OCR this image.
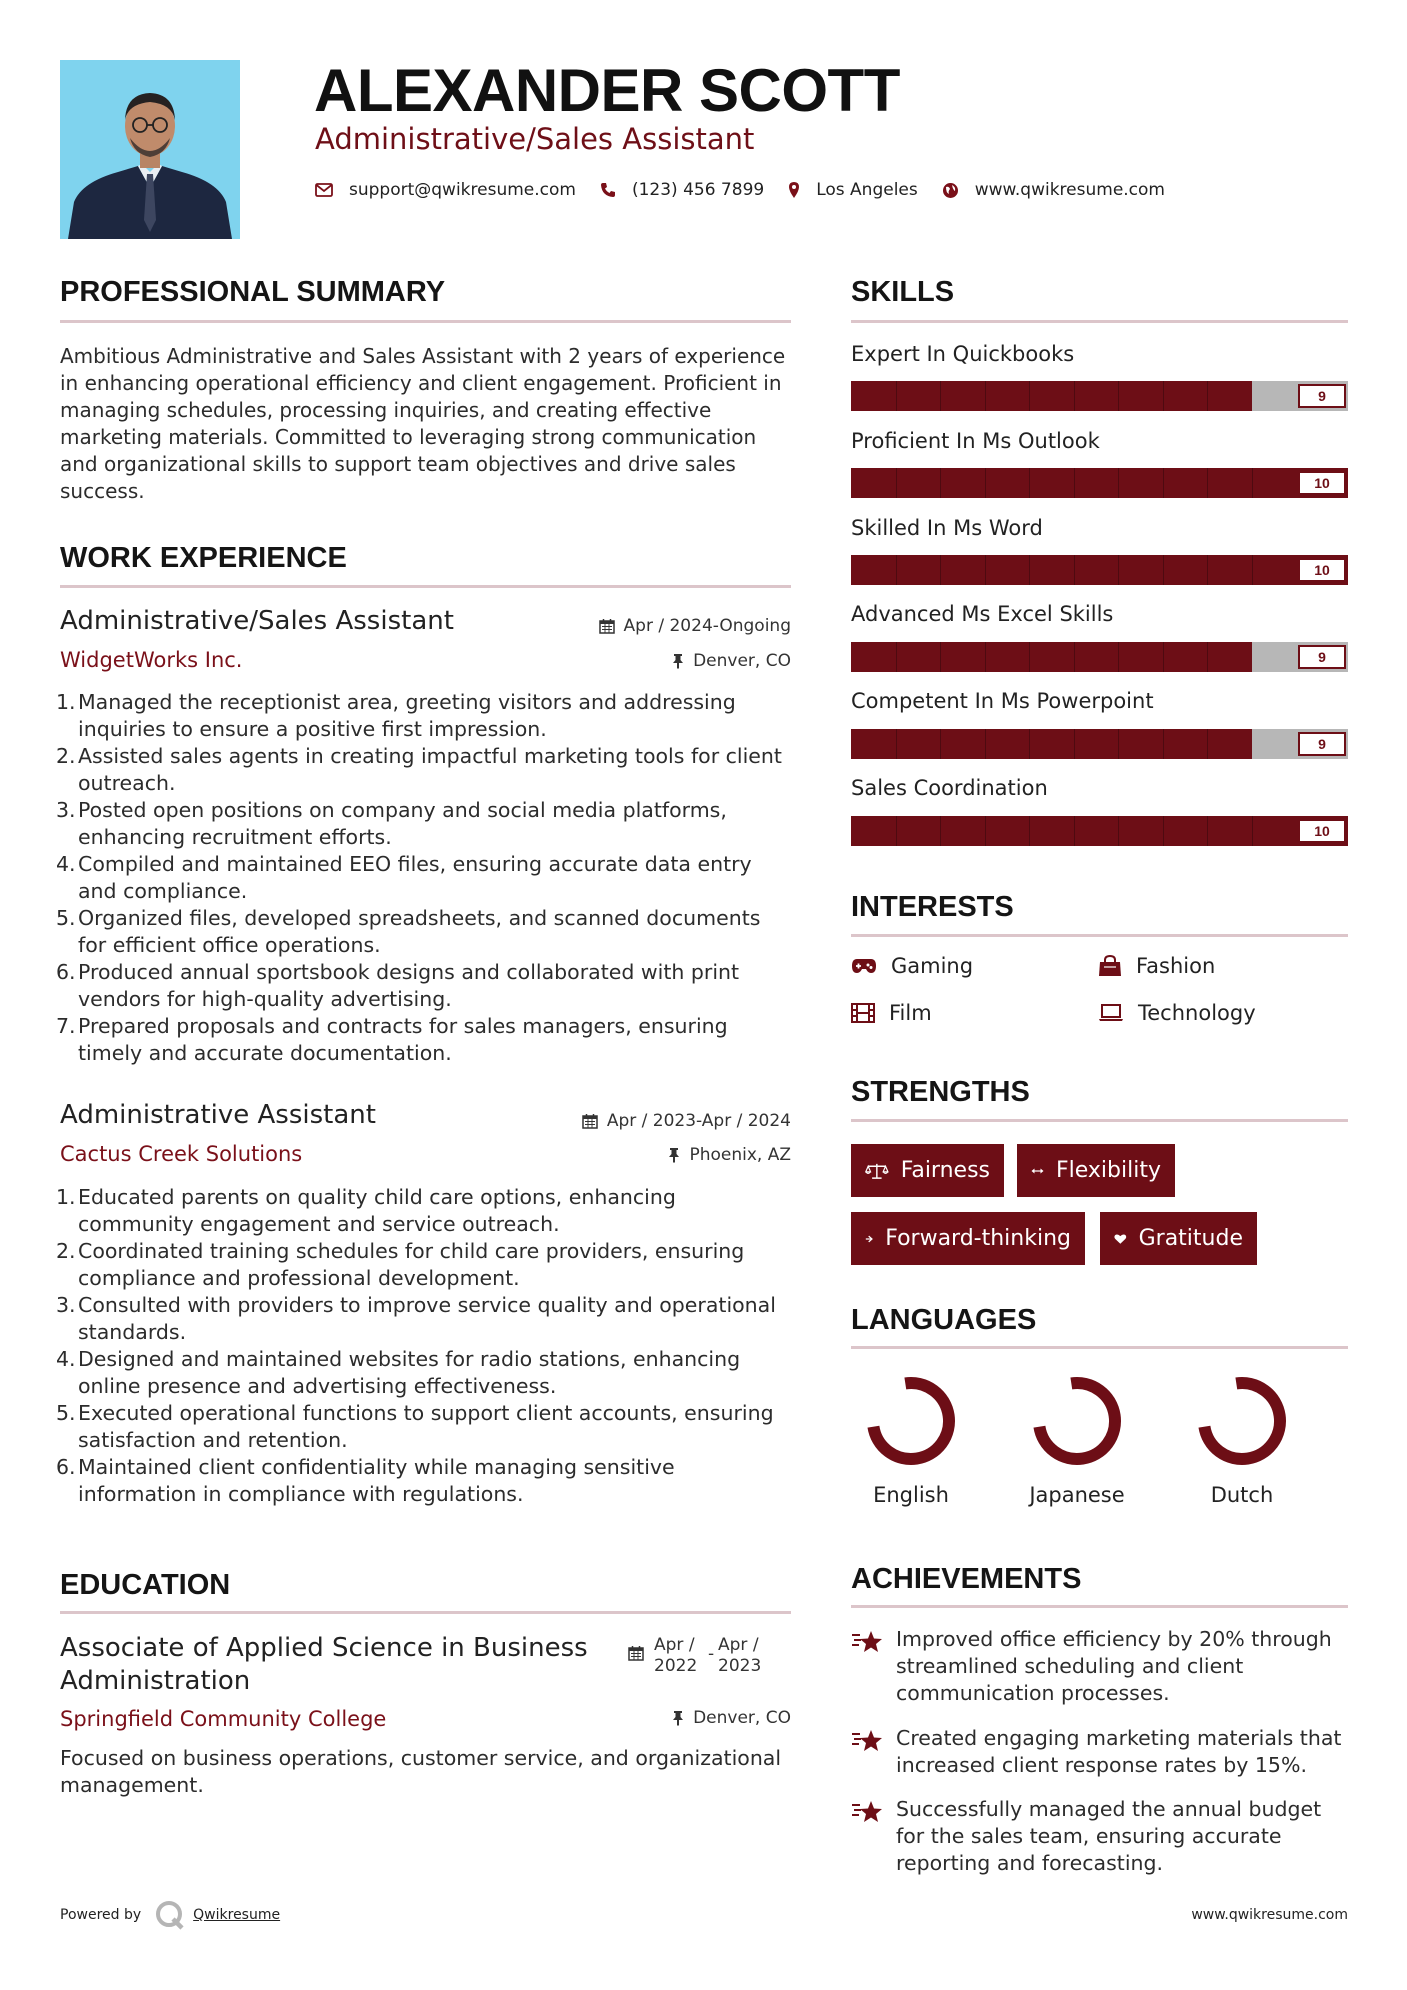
ALEXANDER SCOTT
Administrative/Sales Assistant
support@qwikresume.com	(123) 456 7899	Los Angeles	www.qwikresume.com
PROFESSIONAL SUMMARY
Ambitious Administrative and Sales Assistant with 2 years of experience in enhancing operational efficiency and client engagement. Proficient in managing schedules, processing inquiries, and creating effective marketing materials. Committed to leveraging strong communication and organizational skills to support team objectives and drive sales success.
WORK EXPERIENCE
Administrative/Sales Assistant	Apr / 2024-Ongoing
WidgetWorks Inc.	Denver, CO
1. Managed the receptionist area, greeting visitors and addressing inquiries to ensure a positive first impression.
2. Assisted sales agents in creating impactful marketing tools for client outreach.
3. Posted open positions on company and social media platforms, enhancing recruitment efforts.
4. Compiled and maintained EEO files, ensuring accurate data entry and compliance.
5. Organized files, developed spreadsheets, and scanned documents for efficient office operations.
6. Produced annual sportsbook designs and collaborated with print vendors for high-quality advertising.
7. Prepared proposals and contracts for sales managers, ensuring timely and accurate documentation.
Administrative Assistant	Apr / 2023-Apr / 2024
Cactus Creek Solutions	Phoenix, AZ
1. Educated parents on quality child care options, enhancing community engagement and service outreach.
2. Coordinated training schedules for child care providers, ensuring compliance and professional development.
3. Consulted with providers to improve service quality and operational standards.
4. Designed and maintained websites for radio stations, enhancing online presence and advertising effectiveness.
5. Executed operational functions to support client accounts, ensuring satisfaction and retention.
6. Maintained client confidentiality while managing sensitive information in compliance with regulations.
EDUCATION
Associate of Applied Science in Business Administration
Apr / 2022
- Apr / 2023
Springfield Community College	Denver, CO
Focused on business operations, customer service, and organizational management.
SKILLS
Expert In Quickbooks
9
Proficient In Ms Outlook
10
Skilled In Ms Word
10
Advanced Ms Excel Skills
9
Competent In Ms Powerpoint
9
Sales Coordination
10
INTERESTS
Gaming	Fashion
Film	Technology
STRENGTHS
Fairness	Flexibility
Forward-thinking	Gratitude
LANGUAGES
English	Japanese	Dutch
ACHIEVEMENTS
Improved office efficiency by 20% through streamlined scheduling and client communication processes.
Created engaging marketing materials that increased client response rates by 15%.
Successfully managed the annual budget for the sales team, ensuring accurate reporting and forecasting.
Powered by	Qwikresume	www.qwikresume.com
